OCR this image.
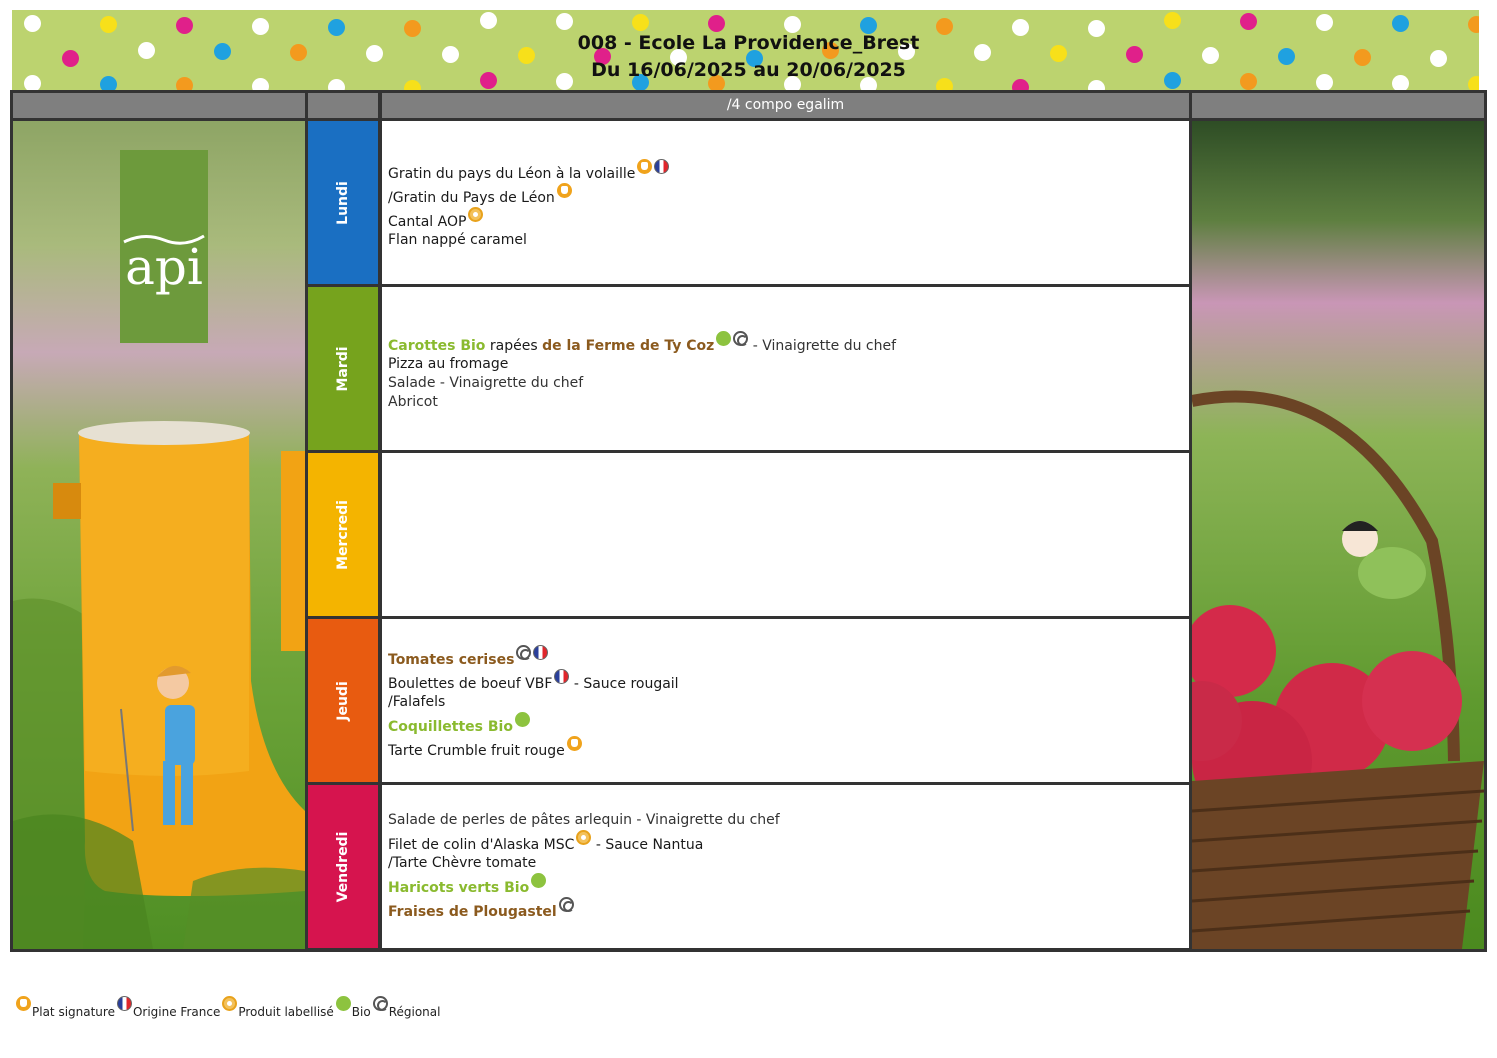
008 - Ecole La Providence_Brest
Du 16/06/2025 au 20/06/2025
/4 compo egalim
api
Lundi
Gratin du pays du Léon à la volaille
/Gratin du Pays de Léon
Cantal AOP
Flan nappé caramel
Mardi	Carottes Bio rapées de la Ferme de Ty Coz - Vinaigrette du chef
Pizza au fromage
Salade - Vinaigrette du chef
Abricot
Mercredi
Jeudi
Tomates cerises
Boulettes de boeuf VBF - Sauce rougail
/Falafels
Coquillettes Bio
Tarte Crumble fruit rouge
Vendredi
Salade de perles de pâtes arlequin - Vinaigrette du chef
Filet de colin d'Alaska MSC - Sauce Nantua
/Tarte Chèvre tomate
Haricots verts Bio
Fraises de Plougastel
Plat signature Origine France Produit labellisé Bio Régional
